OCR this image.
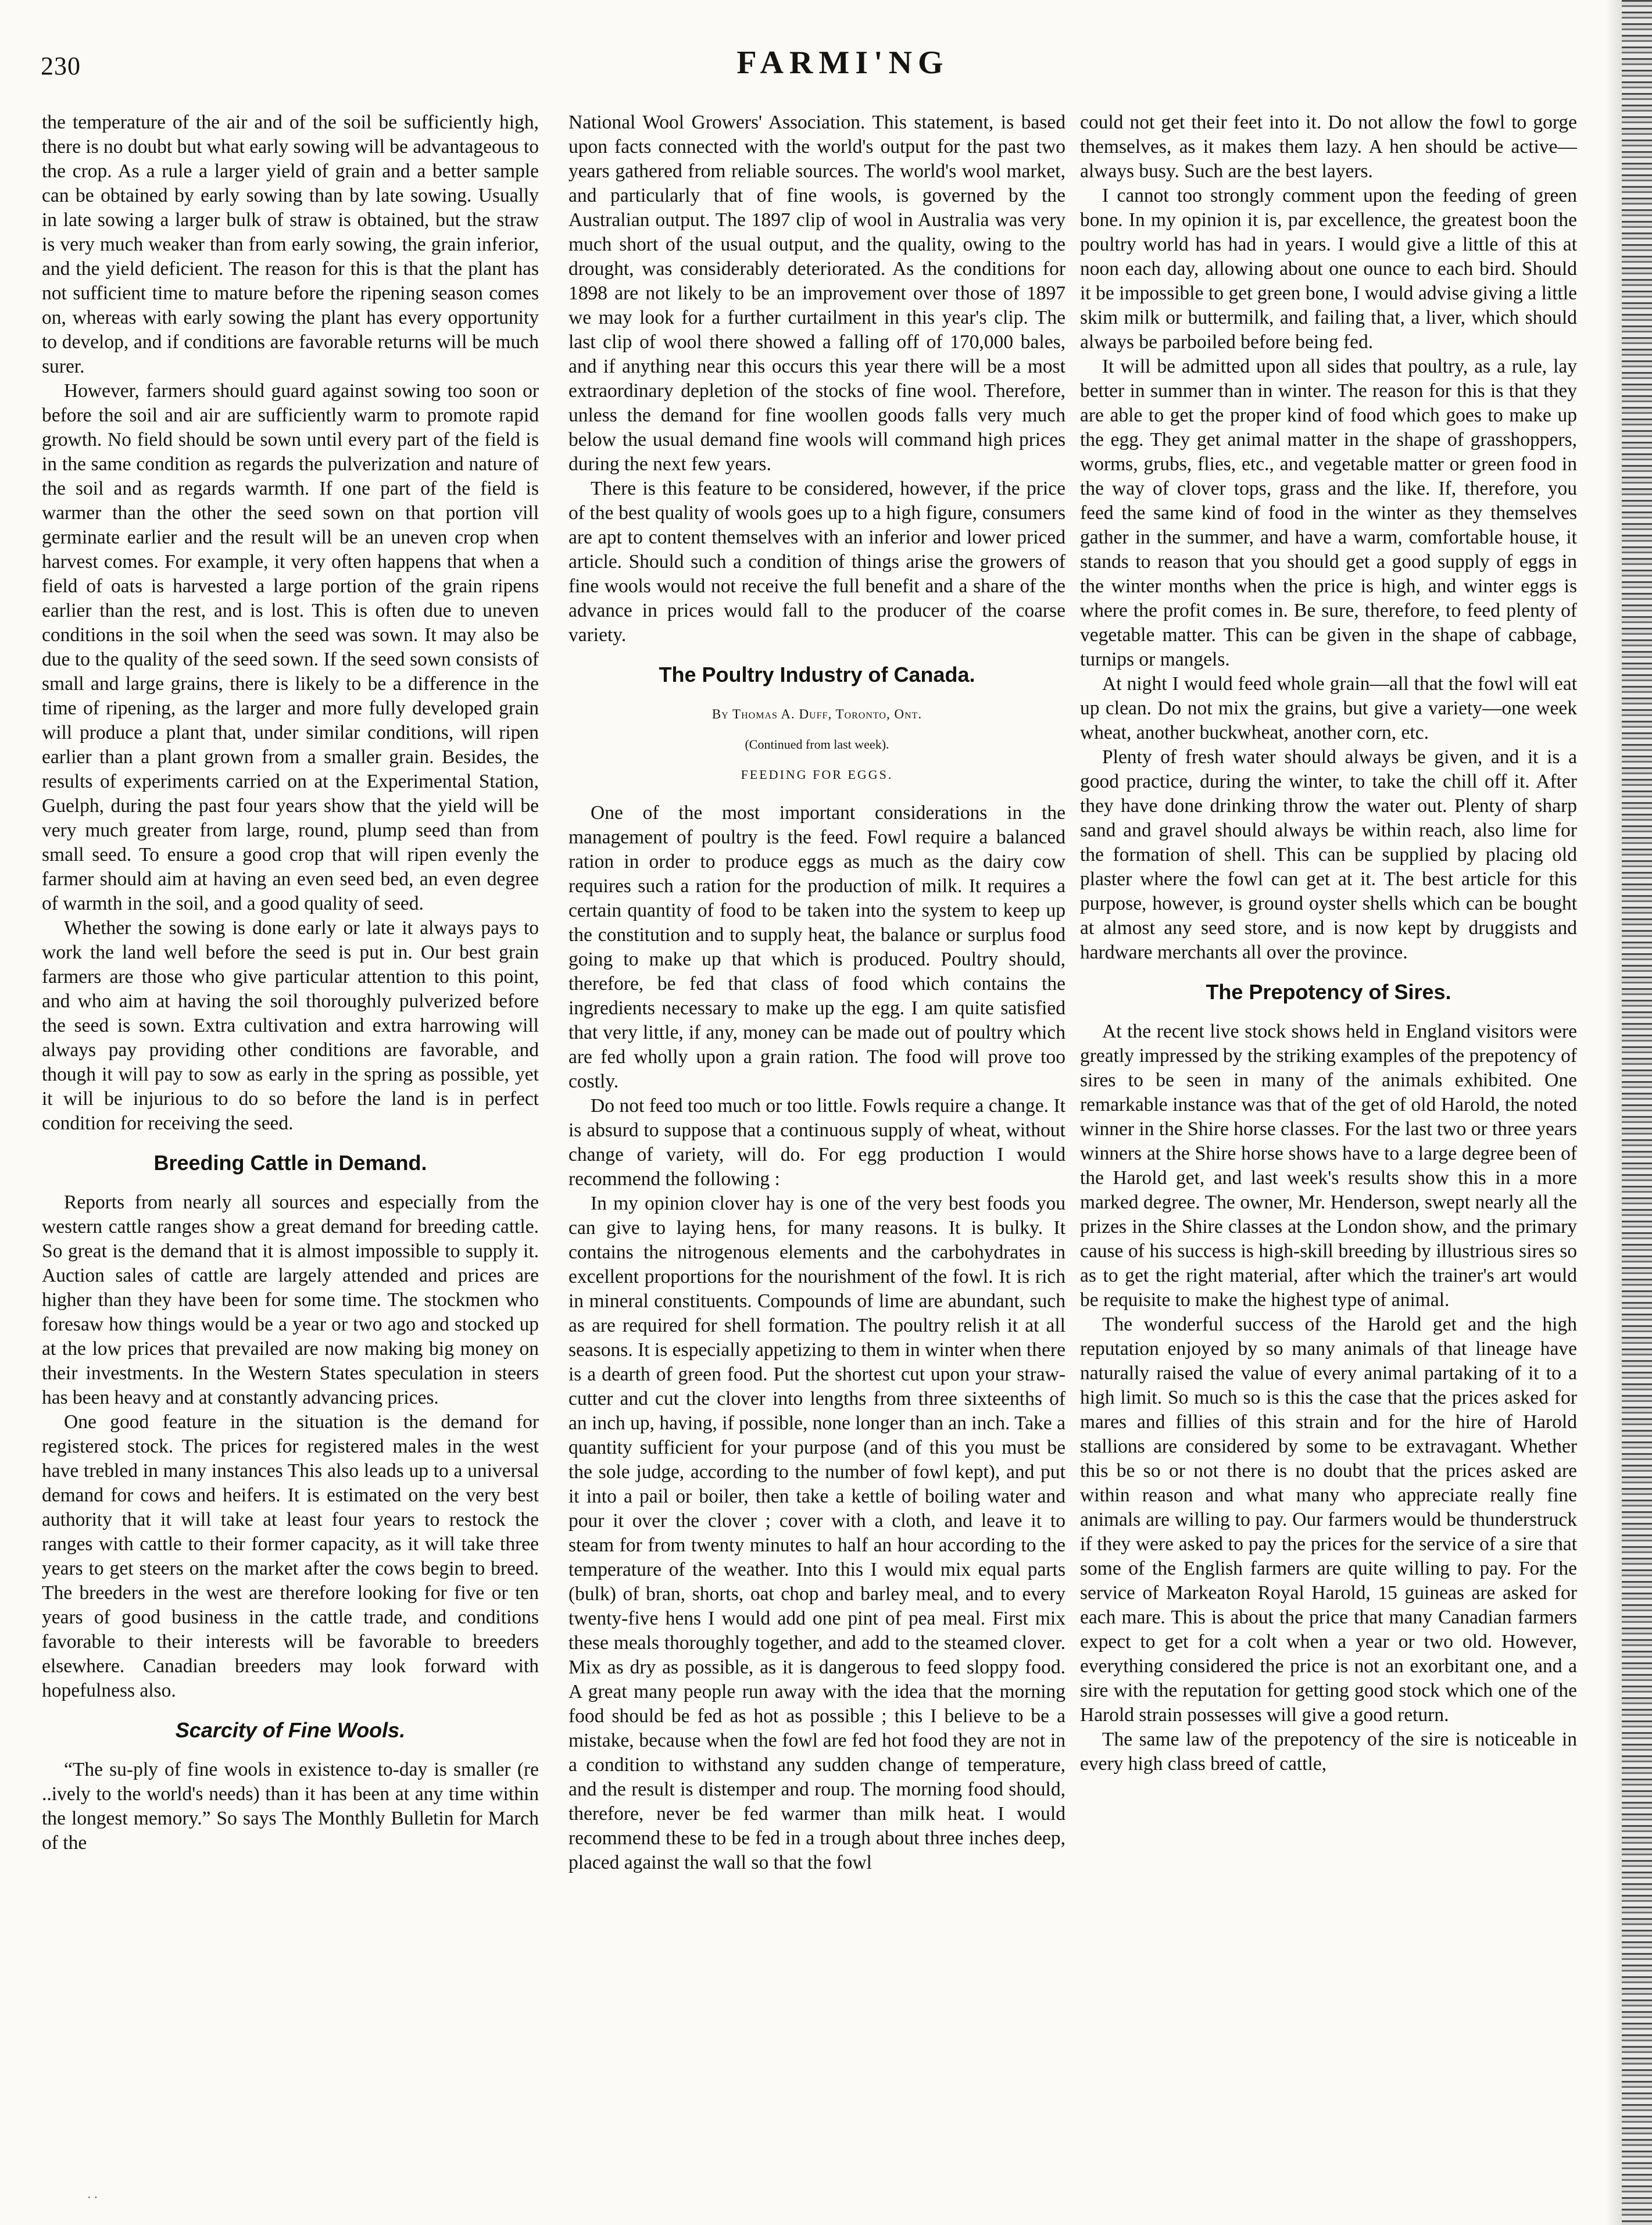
230	FARMI'NG

the temperature of the air and of the soil be sufficiently high, there is no doubt but what early sowing will be advantageous to the crop. As a rule a larger yield of grain and a better sample can be obtained by early sowing than by late sowing. Usually in late sowing a larger bulk of straw is obtained, but the straw is very much weaker than from early sowing, the grain inferior, and the yield deficient. The reason for this is that the plant has not sufficient time to mature before the ripening season comes on, whereas with early sowing the plant has every opportunity to develop, and if conditions are favorable returns will be much surer.

However, farmers should guard against sowing too soon or before the soil and air are sufficiently warm to promote rapid growth. No field should be sown until every part of the field is in the same condition as regards the pulverization and nature of the soil and as regards warmth. If one part of the field is warmer than the other the seed sown on that portion vill germinate earlier and the result will be an uneven crop when harvest comes. For example, it very often happens that when a field of oats is harvested a large portion of the grain ripens earlier than the rest, and is lost. This is often due to uneven conditions in the soil when the seed was sown. It may also be due to the quality of the seed sown. If the seed sown consists of small and large grains, there is likely to be a difference in the time of ripening, as the larger and more fully developed grain will produce a plant that, under similar conditions, will ripen earlier than a plant grown from a smaller grain. Besides, the results of experiments carried on at the Experimental Station, Guelph, during the past four years show that the yield will be very much greater from large, round, plump seed than from small seed. To ensure a good crop that will ripen evenly the farmer should aim at having an even seed bed, an even degree of warmth in the soil, and a good quality of seed.

Whether the sowing is done early or late it always pays to work the land well before the seed is put in. Our best grain farmers are those who give particular attention to this point, and who aim at having the soil thoroughly pulverized before the seed is sown. Extra cultivation and extra harrowing will always pay providing other conditions are favorable, and though it will pay to sow as early in the spring as possible, yet it will be injurious to do so before the land is in perfect condition for receiving the seed.

Breeding Cattle in Demand.

Reports from nearly all sources and especially from the western cattle ranges show a great demand for breeding cattle. So great is the demand that it is almost impossible to supply it. Auction sales of cattle are largely attended and prices are higher than they have been for some time. The stockmen who foresaw how things would be a year or two ago and stocked up at the low prices that prevailed are now making big money on their investments. In the Western States speculation in steers has been heavy and at constantly advancing prices.

One good feature in the situation is the demand for registered stock. The prices for registered males in the west have trebled in many instances This also leads up to a universal demand for cows and heifers. It is estimated on the very best authority that it will take at least four years to restock the ranges with cattle to their former capacity, as it will take three years to get steers on the market after the cows begin to breed. The breeders in the west are therefore looking for five or ten years of good business in the cattle trade, and conditions favorable to their interests will be favorable to breeders elsewhere. Canadian breeders may look forward with hopefulness also.

Scarcity of Fine Wools.

“The su-ply of fine wools in existence to-day is smaller (re ..ively to the world's needs) than it has been at any time within the longest memory.” So says The Monthly Bulletin for March of the

National Wool Growers' Association. This statement, is based upon facts connected with the world's output for the past two years gathered from reliable sources. The world's wool market, and particularly that of fine wools, is governed by the Australian output. The 1897 clip of wool in Australia was very much short of the usual output, and the quality, owing to the drought, was considerably deteriorated. As the conditions for 1898 are not likely to be an improvement over those of 1897 we may look for a further curtailment in this year's clip. The last clip of wool there showed a falling off of 170,000 bales, and if anything near this occurs this year there will be a most extraordinary depletion of the stocks of fine wool. Therefore, unless the demand for fine woollen goods falls very much below the usual demand fine wools will command high prices during the next few years.

There is this feature to be considered, however, if the price of the best quality of wools goes up to a high figure, consumers are apt to content themselves with an inferior and lower priced article. Should such a condition of things arise the growers of fine wools would not receive the full benefit and a share of the advance in prices would fall to the producer of the coarse variety.

The Poultry Industry of Canada.
By Thomas A. Duff, Toronto, Ont.
(Continued from last week).
FEEDING FOR EGGS.

One of the most important considerations in the management of poultry is the feed. Fowl require a balanced ration in order to produce eggs as much as the dairy cow requires such a ration for the production of milk. It requires a certain quantity of food to be taken into the system to keep up the constitution and to supply heat, the balance or surplus food going to make up that which is produced. Poultry should, therefore, be fed that class of food which contains the ingredients necessary to make up the egg. I am quite satisfied that very little, if any, money can be made out of poultry which are fed wholly upon a grain ration. The food will prove too costly.

Do not feed too much or too little. Fowls require a change. It is absurd to suppose that a continuous supply of wheat, without change of variety, will do. For egg production I would recommend the following :

In my opinion clover hay is one of the very best foods you can give to laying hens, for many reasons. It is bulky. It contains the nitrogenous elements and the carbohydrates in excellent proportions for the nourishment of the fowl. It is rich in mineral constituents. Compounds of lime are abundant, such as are required for shell formation. The poultry relish it at all seasons. It is especially appetizing to them in winter when there is a dearth of green food. Put the shortest cut upon your straw-cutter and cut the clover into lengths from three sixteenths of an inch up, having, if possible, none longer than an inch. Take a quantity sufficient for your purpose (and of this you must be the sole judge, according to the number of fowl kept), and put it into a pail or boiler, then take a kettle of boiling water and pour it over the clover ; cover with a cloth, and leave it to steam for from twenty minutes to half an hour according to the temperature of the weather. Into this I would mix equal parts (bulk) of bran, shorts, oat chop and barley meal, and to every twenty-five hens I would add one pint of pea meal. First mix these meals thoroughly together, and add to the steamed clover. Mix as dry as possible, as it is dangerous to feed sloppy food. A great many people run away with the idea that the morning food should be fed as hot as possible ; this I believe to be a mistake, because when the fowl are fed hot food they are not in a condition to withstand any sudden change of temperature, and the result is distemper and roup. The morning food should, therefore, never be fed warmer than milk heat. I would recommend these to be fed in a trough about three inches deep, placed against the wall so that the fowl

could not get their feet into it. Do not allow the fowl to gorge themselves, as it makes them lazy. A hen should be active—always busy. Such are the best layers.

I cannot too strongly comment upon the feeding of green bone. In my opinion it is, par excellence, the greatest boon the poultry world has had in years. I would give a little of this at noon each day, allowing about one ounce to each bird. Should it be impossible to get green bone, I would advise giving a little skim milk or buttermilk, and failing that, a liver, which should always be parboiled before being fed.

It will be admitted upon all sides that poultry, as a rule, lay better in summer than in winter. The reason for this is that they are able to get the proper kind of food which goes to make up the egg. They get animal matter in the shape of grasshoppers, worms, grubs, flies, etc., and vegetable matter or green food in the way of clover tops, grass and the like. If, therefore, you feed the same kind of food in the winter as they themselves gather in the summer, and have a warm, comfortable house, it stands to reason that you should get a good supply of eggs in the winter months when the price is high, and winter eggs is where the profit comes in. Be sure, therefore, to feed plenty of vegetable matter. This can be given in the shape of cabbage, turnips or mangels.

At night I would feed whole grain—all that the fowl will eat up clean. Do not mix the grains, but give a variety—one week wheat, another buckwheat, another corn, etc.

Plenty of fresh water should always be given, and it is a good practice, during the winter, to take the chill off it. After they have done drinking throw the water out. Plenty of sharp sand and gravel should always be within reach, also lime for the formation of shell. This can be supplied by placing old plaster where the fowl can get at it. The best article for this purpose, however, is ground oyster shells which can be bought at almost any seed store, and is now kept by druggists and hardware merchants all over the province.

The Prepotency of Sires.

At the recent live stock shows held in England visitors were greatly impressed by the striking examples of the prepotency of sires to be seen in many of the animals exhibited. One remarkable instance was that of the get of old Harold, the noted winner in the Shire horse classes. For the last two or three years winners at the Shire horse shows have to a large degree been of the Harold get, and last week's results show this in a more marked degree. The owner, Mr. Henderson, swept nearly all the prizes in the Shire classes at the London show, and the primary cause of his success is high-skill breeding by illustrious sires so as to get the right material, after which the trainer's art would be requisite to make the highest type of animal.

The wonderful success of the Harold get and the high reputation enjoyed by so many animals of that lineage have naturally raised the value of every animal partaking of it to a high limit. So much so is this the case that the prices asked for mares and fillies of this strain and for the hire of Harold stallions are considered by some to be extravagant. Whether this be so or not there is no doubt that the prices asked are within reason and what many who appreciate really fine animals are willing to pay. Our farmers would be thunderstruck if they were asked to pay the prices for the service of a sire that some of the English farmers are quite willing to pay. For the service of Markeaton Royal Harold, 15 guineas are asked for each mare. This is about the price that many Canadian farmers expect to get for a colt when a year or two old. However, everything considered the price is not an exorbitant one, and a sire with the reputation for getting good stock which one of the Harold strain possesses will give a good return.

The same law of the prepotency of the sire is noticeable in every high class breed of cattle,

· ·
